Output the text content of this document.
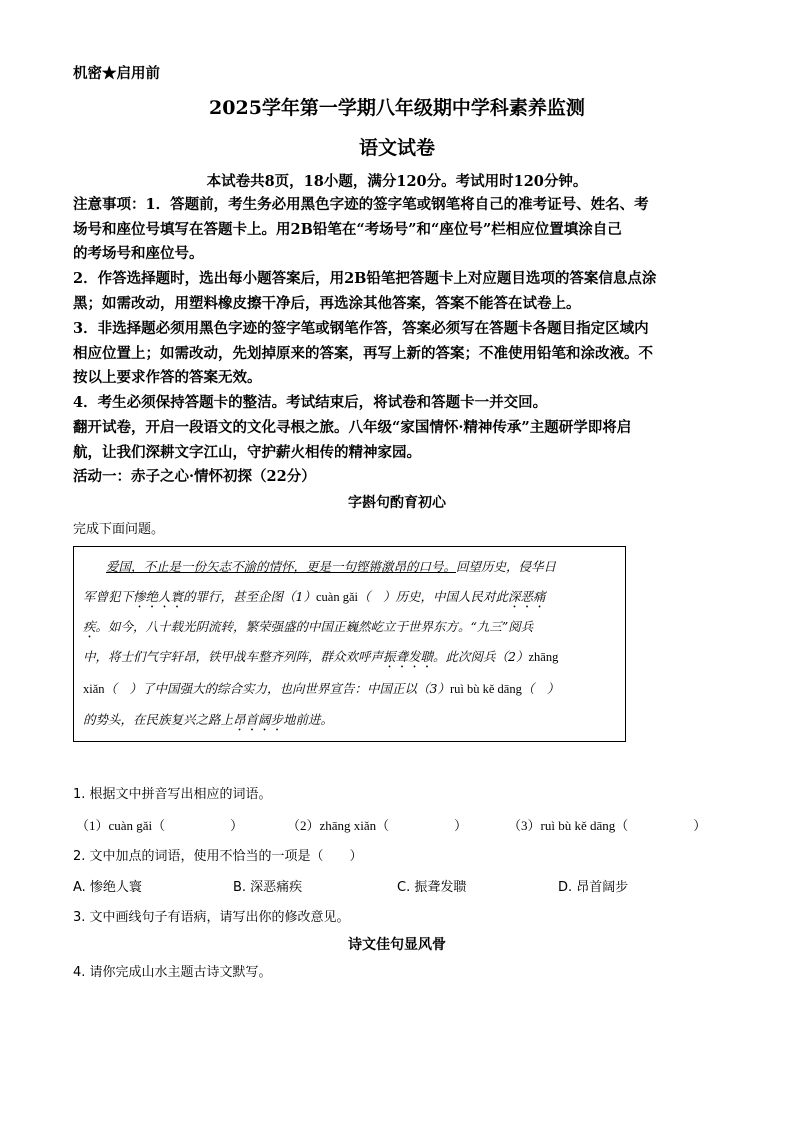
机密★启用前
2025学年第一学期八年级期中学科素养监测
语文试卷
本试卷共8页，18小题，满分120分。考试用时120分钟。
注意事项：1．答题前，考生务必用黑色字迹的签字笔或钢笔将自己的准考证号、姓名、考
场号和座位号填写在答题卡上。用2B铅笔在“考场号”和“座位号”栏相应位置填涂自己
的考场号和座位号。
2．作答选择题时，选出每小题答案后，用2B铅笔把答题卡上对应题目选项的答案信息点涂
黑；如需改动，用塑料橡皮擦干净后，再选涂其他答案，答案不能答在试卷上。
3．非选择题必须用黑色字迹的签字笔或钢笔作答，答案必须写在答题卡各题目指定区域内
相应位置上；如需改动，先划掉原来的答案，再写上新的答案；不准使用铅笔和涂改液。不
按以上要求作答的答案无效。
4．考生必须保持答题卡的整洁。考试结束后，将试卷和答题卡一并交回。
翻开试卷，开启一段语文的文化寻根之旅。八年级“家国情怀·精神传承”主题研学即将启
航，让我们深耕文字江山，守护薪火相传的精神家园。
活动一：赤子之心·情怀初探（22分）
字斟句酌育初心
完成下面问题。
爱国，不止是一份矢志不渝的情怀，更是一句铿锵激昂的口号。回望历史，侵华日
军曾犯下惨绝人寰的罪行，甚至企图（1）cuàn gǎi（　）历史，中国人民对此深恶痛
疾。如今，八十载光阴流转，繁荣强盛的中国正巍然屹立于世界东方。“九三”阅兵
中，将士们气宇轩昂，铁甲战车整齐列阵，群众欢呼声振聋发聩。此次阅兵（2）zhāng
xiǎn（　）了中国强大的综合实力，也向世界宣告：中国正以（3）ruì bù kě dāng（　）
的势头，在民族复兴之路上昂首阔步地前进。
1. 根据文中拼音写出相应的词语。
（1）cuàn gǎi（　　　　　）	（2）zhāng xiǎn（　　　　　）	（3）ruì bù kě dāng（　　　　　）
2. 文中加点的词语，使用不恰当的一项是（　　）
A. 惨绝人寰	B. 深恶痛疾	C. 振聋发聩	D. 昂首阔步
3. 文中画线句子有语病，请写出你的修改意见。
诗文佳句显风骨
4. 请你完成山水主题古诗文默写。
